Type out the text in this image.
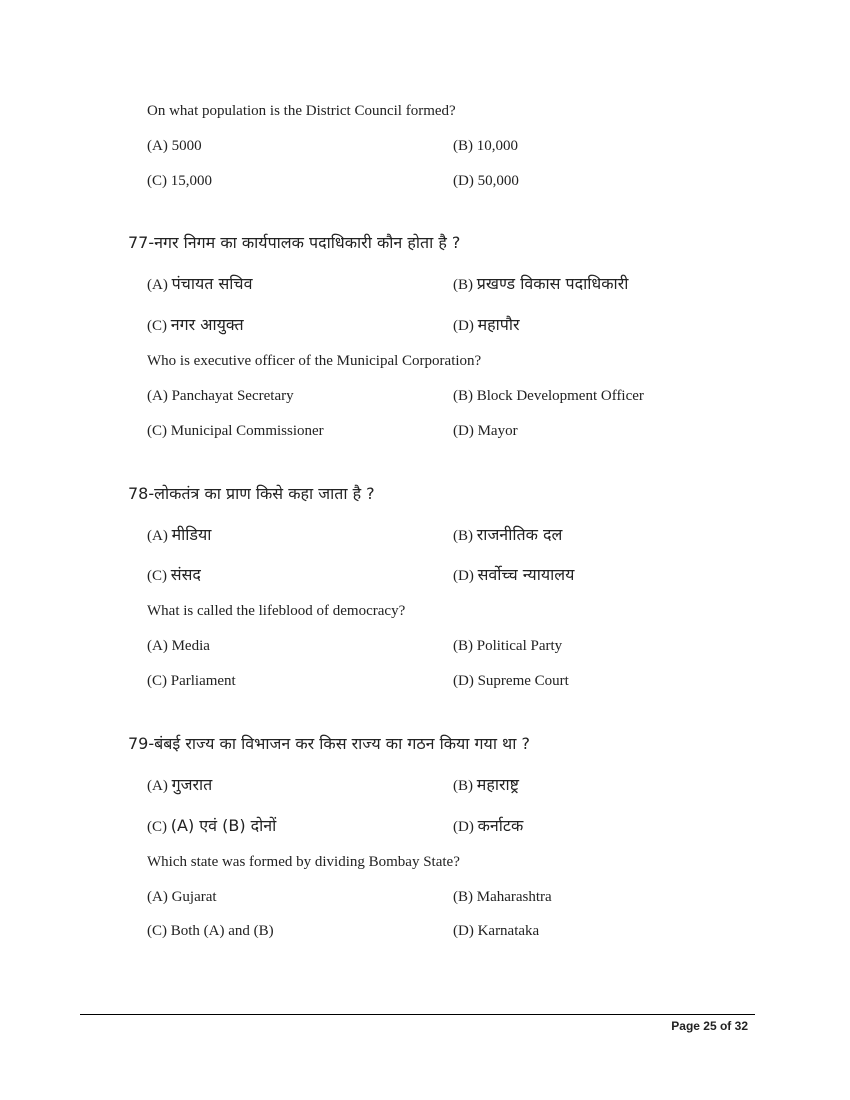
On what population is the District Council formed?
(A) 5000	(B) 10,000
(C) 15,000	(D) 50,000
77-नगर निगम का कार्यपालक पदाधिकारी कौन होता है ?
(A) पंचायत सचिव	(B) प्रखण्ड विकास पदाधिकारी
(C) नगर आयुक्त	(D) महापौर
Who is executive officer of the Municipal Corporation?
(A) Panchayat Secretary	(B) Block Development Officer
(C) Municipal Commissioner	(D) Mayor
78-लोकतंत्र का प्राण किसे कहा जाता है ?
(A) मीडिया	(B) राजनीतिक दल
(C) संसद	(D) सर्वोच्च न्यायालय
What is called the lifeblood of democracy?
(A) Media	(B) Political Party
(C) Parliament	(D) Supreme Court
79-बंबई राज्य का विभाजन कर किस राज्य का गठन किया गया था ?
(A) गुजरात	(B) महाराष्ट्र
(C) (A) एवं (B) दोनों	(D) कर्नाटक
Which state was formed by dividing Bombay State?
(A) Gujarat	(B) Maharashtra
(C) Both (A) and (B)	(D) Karnataka
Page 25 of 32
